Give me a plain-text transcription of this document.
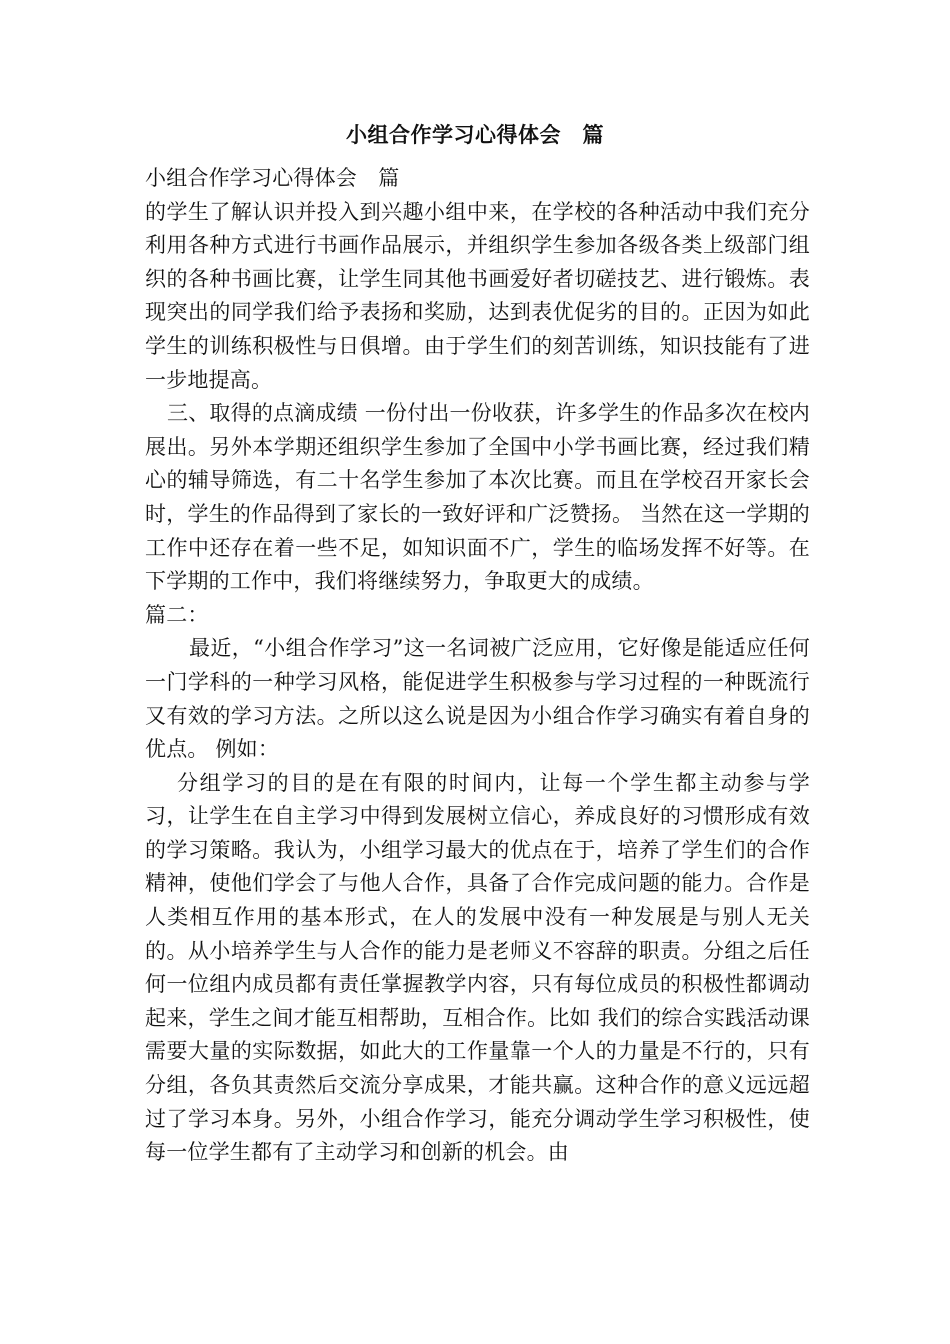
小组合作学习心得体会　篇

小组合作学习心得体会　篇

的学生了解认识并投入到兴趣小组中来，在学校的各种活动中我们充分利用各种方式进行书画作品展示，并组织学生参加各级各类上级部门组织的各种书画比赛，让学生同其他书画爱好者切磋技艺、进行锻炼。表现突出的同学我们给予表扬和奖励，达到表优促劣的目的。正因为如此学生的训练积极性与日俱增。由于学生们的刻苦训练，知识技能有了进一步地提高。

三、取得的点滴成绩 一份付出一份收获，许多学生的作品多次在校内展出。另外本学期还组织学生参加了全国中小学书画比赛，经过我们精心的辅导筛选，有二十名学生参加了本次比赛。而且在学校召开家长会时，学生的作品得到了家长的一致好评和广泛赞扬。 当然在这一学期的工作中还存在着一些不足，如知识面不广，学生的临场发挥不好等。在下学期的工作中，我们将继续努力，争取更大的成绩。

篇二：

最近，“小组合作学习”这一名词被广泛应用，它好像是能适应任何一门学科的一种学习风格，能促进学生积极参与学习过程的一种既流行又有效的学习方法。之所以这么说是因为小组合作学习确实有着自身的优点。 例如：

分组学习的目的是在有限的时间内，让每一个学生都主动参与学习，让学生在自主学习中得到发展树立信心，养成良好的习惯形成有效的学习策略。我认为，小组学习最大的优点在于，培养了学生们的合作精神，使他们学会了与他人合作，具备了合作完成问题的能力。合作是人类相互作用的基本形式，在人的发展中没有一种发展是与别人无关的。从小培养学生与人合作的能力是老师义不容辞的职责。分组之后任何一位组内成员都有责任掌握教学内容，只有每位成员的积极性都调动起来，学生之间才能互相帮助，互相合作。比如 我们的综合实践活动课需要大量的实际数据，如此大的工作量靠一个人的力量是不行的，只有分组，各负其责然后交流分享成果，才能共赢。这种合作的意义远远超过了学习本身。另外，小组合作学习，能充分调动学生学习积极性，使每一位学生都有了主动学习和创新的机会。由
